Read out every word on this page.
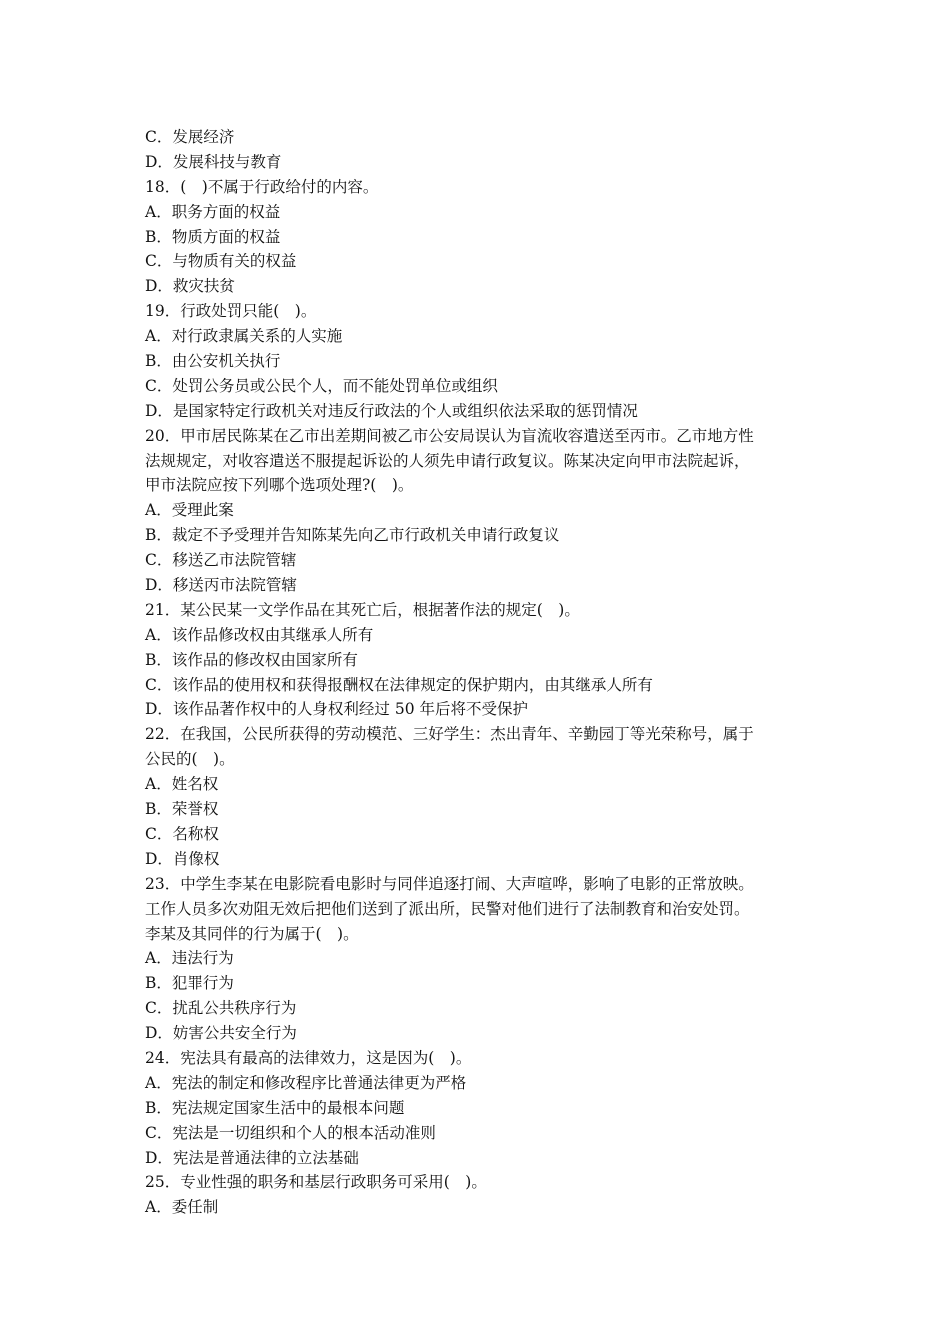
C．发展经济
D．发展科技与教育
18．(　)不属于行政给付的内容。
A．职务方面的权益
B．物质方面的权益
C．与物质有关的权益
D．救灾扶贫
19．行政处罚只能(　)。
A．对行政隶属关系的人实施
B．由公安机关执行
C．处罚公务员或公民个人，而不能处罚单位或组织
D．是国家特定行政机关对违反行政法的个人或组织依法采取的惩罚情况
20．甲市居民陈某在乙市出差期间被乙市公安局误认为盲流收容遣送至丙市。乙市地方性
法规规定，对收容遣送不服提起诉讼的人须先申请行政复议。陈某决定向甲市法院起诉，
甲市法院应按下列哪个选项处理?(　)。
A．受理此案
B．裁定不予受理并告知陈某先向乙市行政机关申请行政复议
C．移送乙市法院管辖
D．移送丙市法院管辖
21．某公民某一文学作品在其死亡后，根据著作法的规定(　)。
A．该作品修改权由其继承人所有
B．该作品的修改权由国家所有
C．该作品的使用权和获得报酬权在法律规定的保护期内，由其继承人所有
D．该作品著作权中的人身权利经过 50 年后将不受保护
22．在我国，公民所获得的劳动模范、三好学生：杰出青年、辛勤园丁等光荣称号，属于
公民的(　)。
A．姓名权
B．荣誉权
C．名称权
D．肖像权
23．中学生李某在电影院看电影时与同伴追逐打闹、大声喧哗，影响了电影的正常放映。
工作人员多次劝阻无效后把他们送到了派出所，民警对他们进行了法制教育和治安处罚。
李某及其同伴的行为属于(　)。
A．违法行为
B．犯罪行为
C．扰乱公共秩序行为
D．妨害公共安全行为
24．宪法具有最高的法律效力，这是因为(　)。
A．宪法的制定和修改程序比普通法律更为严格
B．宪法规定国家生活中的最根本问题
C．宪法是一切组织和个人的根本活动准则
D．宪法是普通法律的立法基础
25．专业性强的职务和基层行政职务可采用(　)。
A．委任制
